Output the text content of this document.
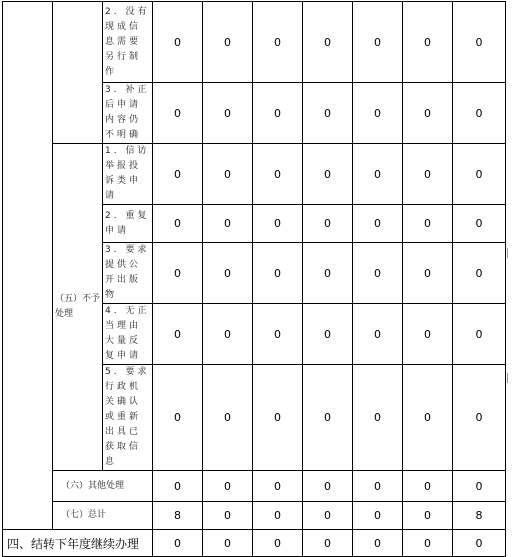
		2. 没有现成信息需要另行制作	0	0	0	0	0	0	0
		3. 补正后申请内容仍不明确	0	0	0	0	0	0	0
	（五）不予处理	1. 信访举报投诉类申请	0	0	0	0	0	0	0
		2. 重复申请	0	0	0	0	0	0	0
		3. 要求提供公开出版物	0	0	0	0	0	0	0
		4. 无正当理由大量反复申请	0	0	0	0	0	0	0
		5. 要求行政机关确认或重新出具已获取信息	0	0	0	0	0	0	0
	（六）其他处理		0	0	0	0	0	0	0
	（七）总计		8	0	0	0	0	0	8
四、结转下年度继续办理			0	0	0	0	0	0	0
